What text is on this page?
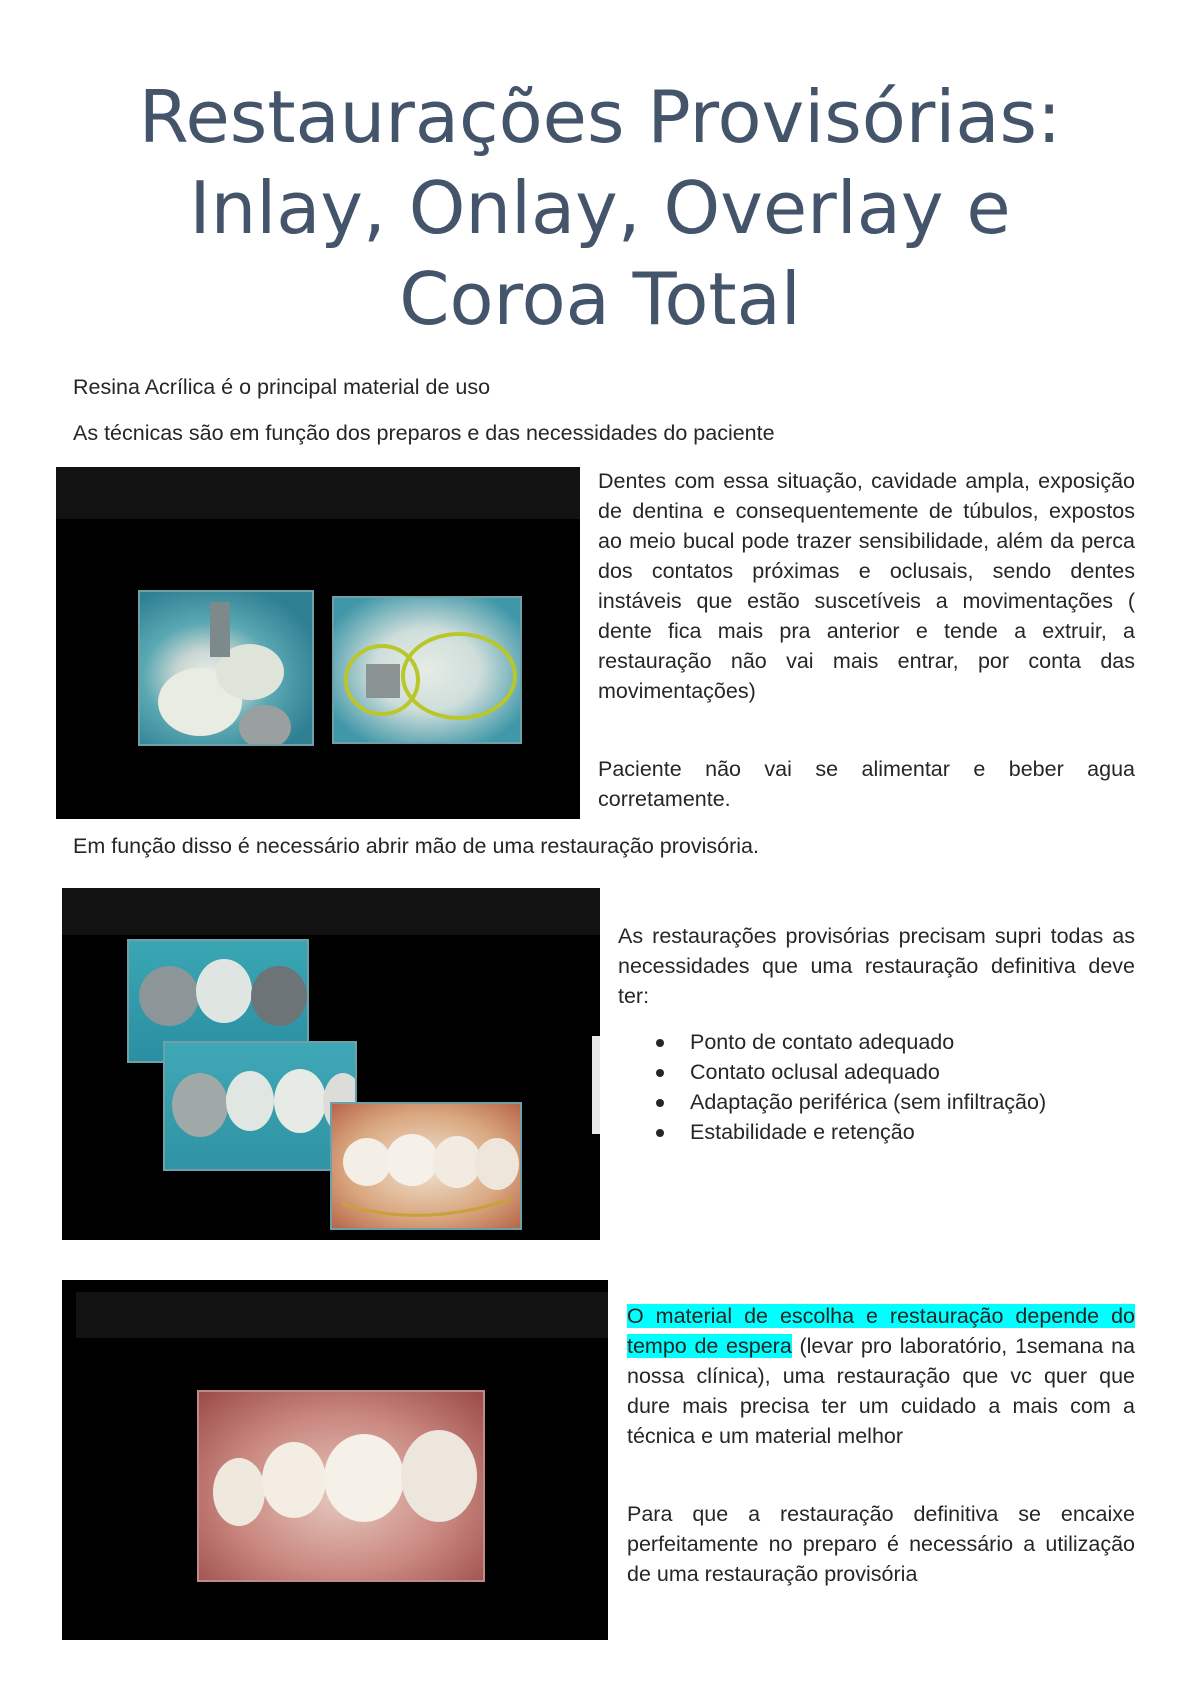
Restaurações Provisórias:
Inlay, Onlay, Overlay e
Coroa Total

Resina Acrílica é o principal material de uso

As técnicas são em função dos preparos e das necessidades do paciente

Dentes com essa situação, cavidade ampla, exposição de dentina e consequentemente de túbulos, expostos ao meio bucal pode trazer sensibilidade, além da perca dos contatos próximas e oclusais, sendo dentes instáveis que estão suscetíveis a movimentações ( dente fica mais pra anterior e tende a extruir, a restauração não vai mais entrar, por conta das movimentações)

Paciente não vai se alimentar e beber agua corretamente.

Em função disso é necessário abrir mão de uma restauração provisória.

As restaurações provisórias precisam supri todas as necessidades que uma restauração definitiva deve ter:

Ponto de contato adequado
Contato oclusal adequado
Adaptação periférica (sem infiltração)
Estabilidade e retenção

O material de escolha e restauração depende do tempo de espera (levar pro laboratório, 1semana na nossa clínica), uma restauração que vc quer que dure mais precisa ter um cuidado a mais com a técnica e um material melhor

Para que a restauração definitiva se encaixe perfeitamente no preparo é necessário a utilização de uma restauração provisória
